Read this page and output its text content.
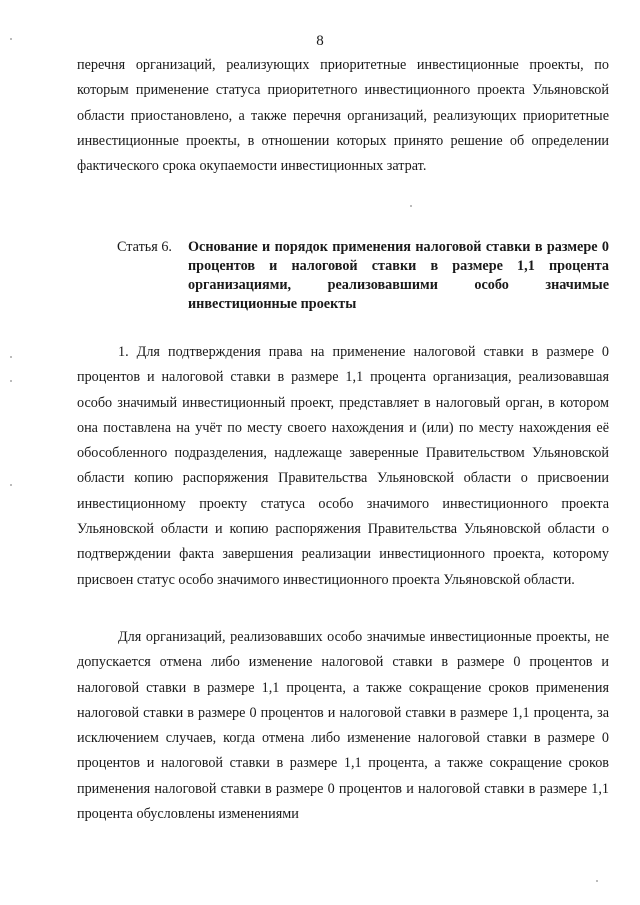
8

перечня организаций, реализующих приоритетные инвестиционные проекты, по которым применение статуса приоритетного инвестиционного проекта Ульяновской области приостановлено, а также перечня организаций, реализующих приоритетные инвестиционные проекты, в отношении которых принято решение об определении фактического срока окупаемости инвестиционных затрат.

Статья 6.	Основание и порядок применения налоговой ставки в размере 0 процентов и налоговой ставки в размере 1,1 процента организациями, реализовавшими особо значимые инвестиционные проекты

1. Для подтверждения права на применение налоговой ставки в размере 0 процентов и налоговой ставки в размере 1,1 процента организация, реализовавшая особо значимый инвестиционный проект, представляет в налоговый орган, в котором она поставлена на учёт по месту своего нахождения и (или) по месту нахождения её обособленного подразделения, надлежаще заверенные Правительством Ульяновской области копию распоряжения Правительства Ульяновской области о присвоении инвестиционному проекту статуса особо значимого инвестиционного проекта Ульяновской области и копию распоряжения Правительства Ульяновской области о подтверждении факта завершения реализации инвестиционного проекта, которому присвоен статус особо значимого инвестиционного проекта Ульяновской области.

Для организаций, реализовавших особо значимые инвестиционные проекты, не допускается отмена либо изменение налоговой ставки в размере 0 процентов и налоговой ставки в размере 1,1 процента, а также сокращение сроков применения налоговой ставки в размере 0 процентов и налоговой ставки в размере 1,1 процента, за исключением случаев, когда отмена либо изменение налоговой ставки в размере 0 процентов и налоговой ставки в размере 1,1 процента, а также сокращение сроков применения налоговой ставки в размере 0 процентов и налоговой ставки в размере 1,1 процента обусловлены изменениями
